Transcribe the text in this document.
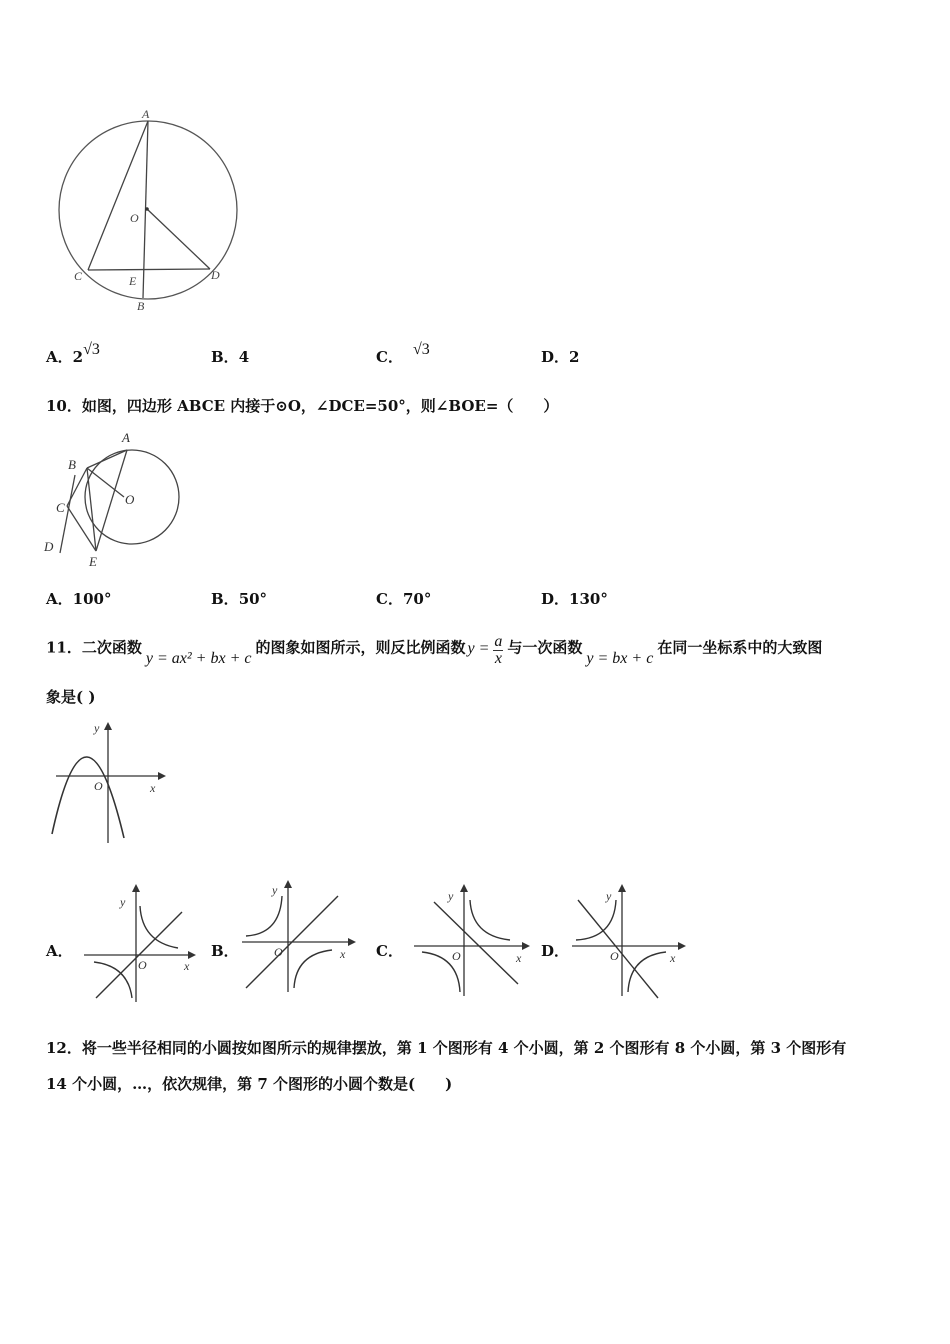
A
O
C	E	D
B
A．2√3	B．4	C． √3	D．2
10．如图，四边形 ABCE 内接于⊙O，∠DCE=50°，则∠BOE=（　　）
A
B
C
O
D
E
A．100°	B．50°	C．70°	D．130°
11．二次函数y = ax² + bx + c的图象如图所示，则反比例函数 $y = \frac{a}{x}$ 与一次函数y = bx + c在同一坐标系中的大致图
象是( )
y
x
O
A．
y
x
O
B．
y
x
O	C．
y
x
O	D．
y
x
O
12．将一些半径相同的小圆按如图所示的规律摆放，第 1 个图形有 4 个小圆，第 2 个图形有 8 个小圆，第 3 个图形有
14 个小圆，…，依次规律，第 7 个图形的小圆个数是(　　)
